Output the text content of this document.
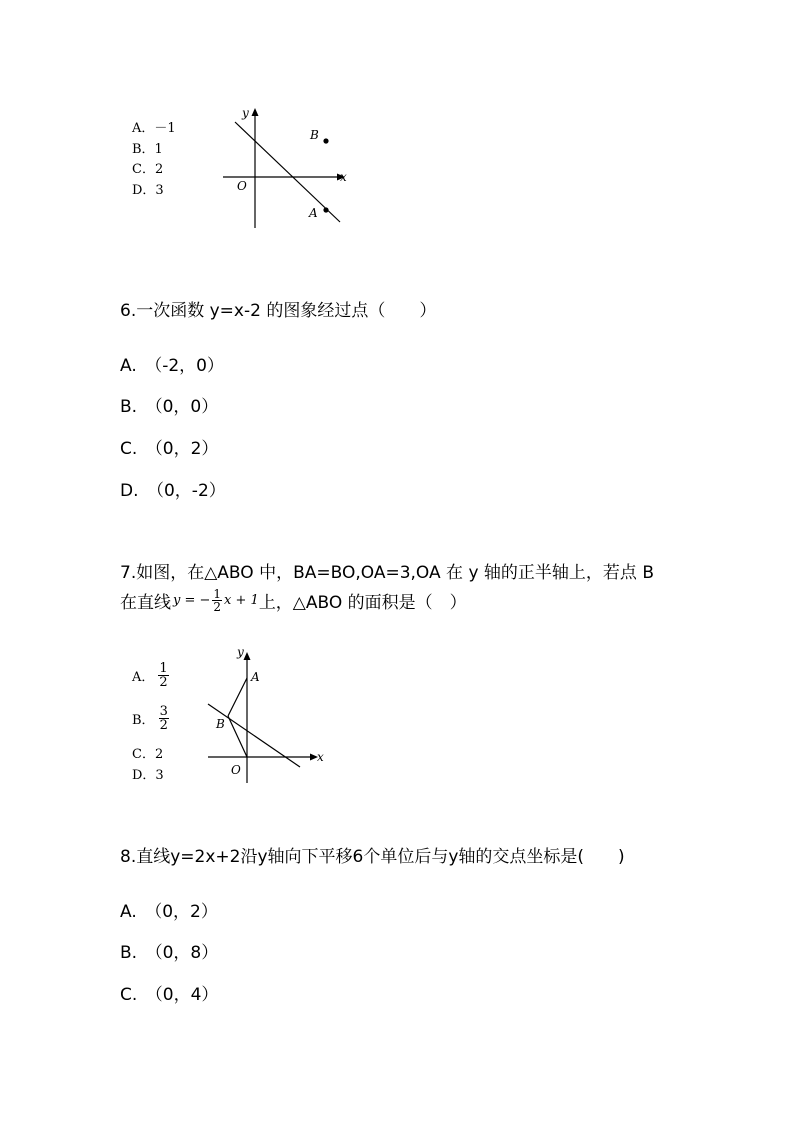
A．－1
B．1
C．2
D．3
y
x
O
B
A
6.一次函数 y=x-2 的图象经过点（　　）
A.　（-2，0）
B.　（0，0）
C.　（0，2）
D.　（0，-2）
7.如图，在△ABO 中，BA=BO,OA=3,OA 在 y 轴的正半轴上，若点 B
在直线 y = − $\frac{1}{2}$ x + 1 上，△ABO 的面积是（　）
A． $\frac{1}{2}$
B． $\frac{3}{2}$
C．2
D．3
y
x
A
B
O
8.直线y=2x+2沿y轴向下平移6个单位后与y轴的交点坐标是(　　)
A.　（0，2）
B.　（0，8）
C.　（0，4）
